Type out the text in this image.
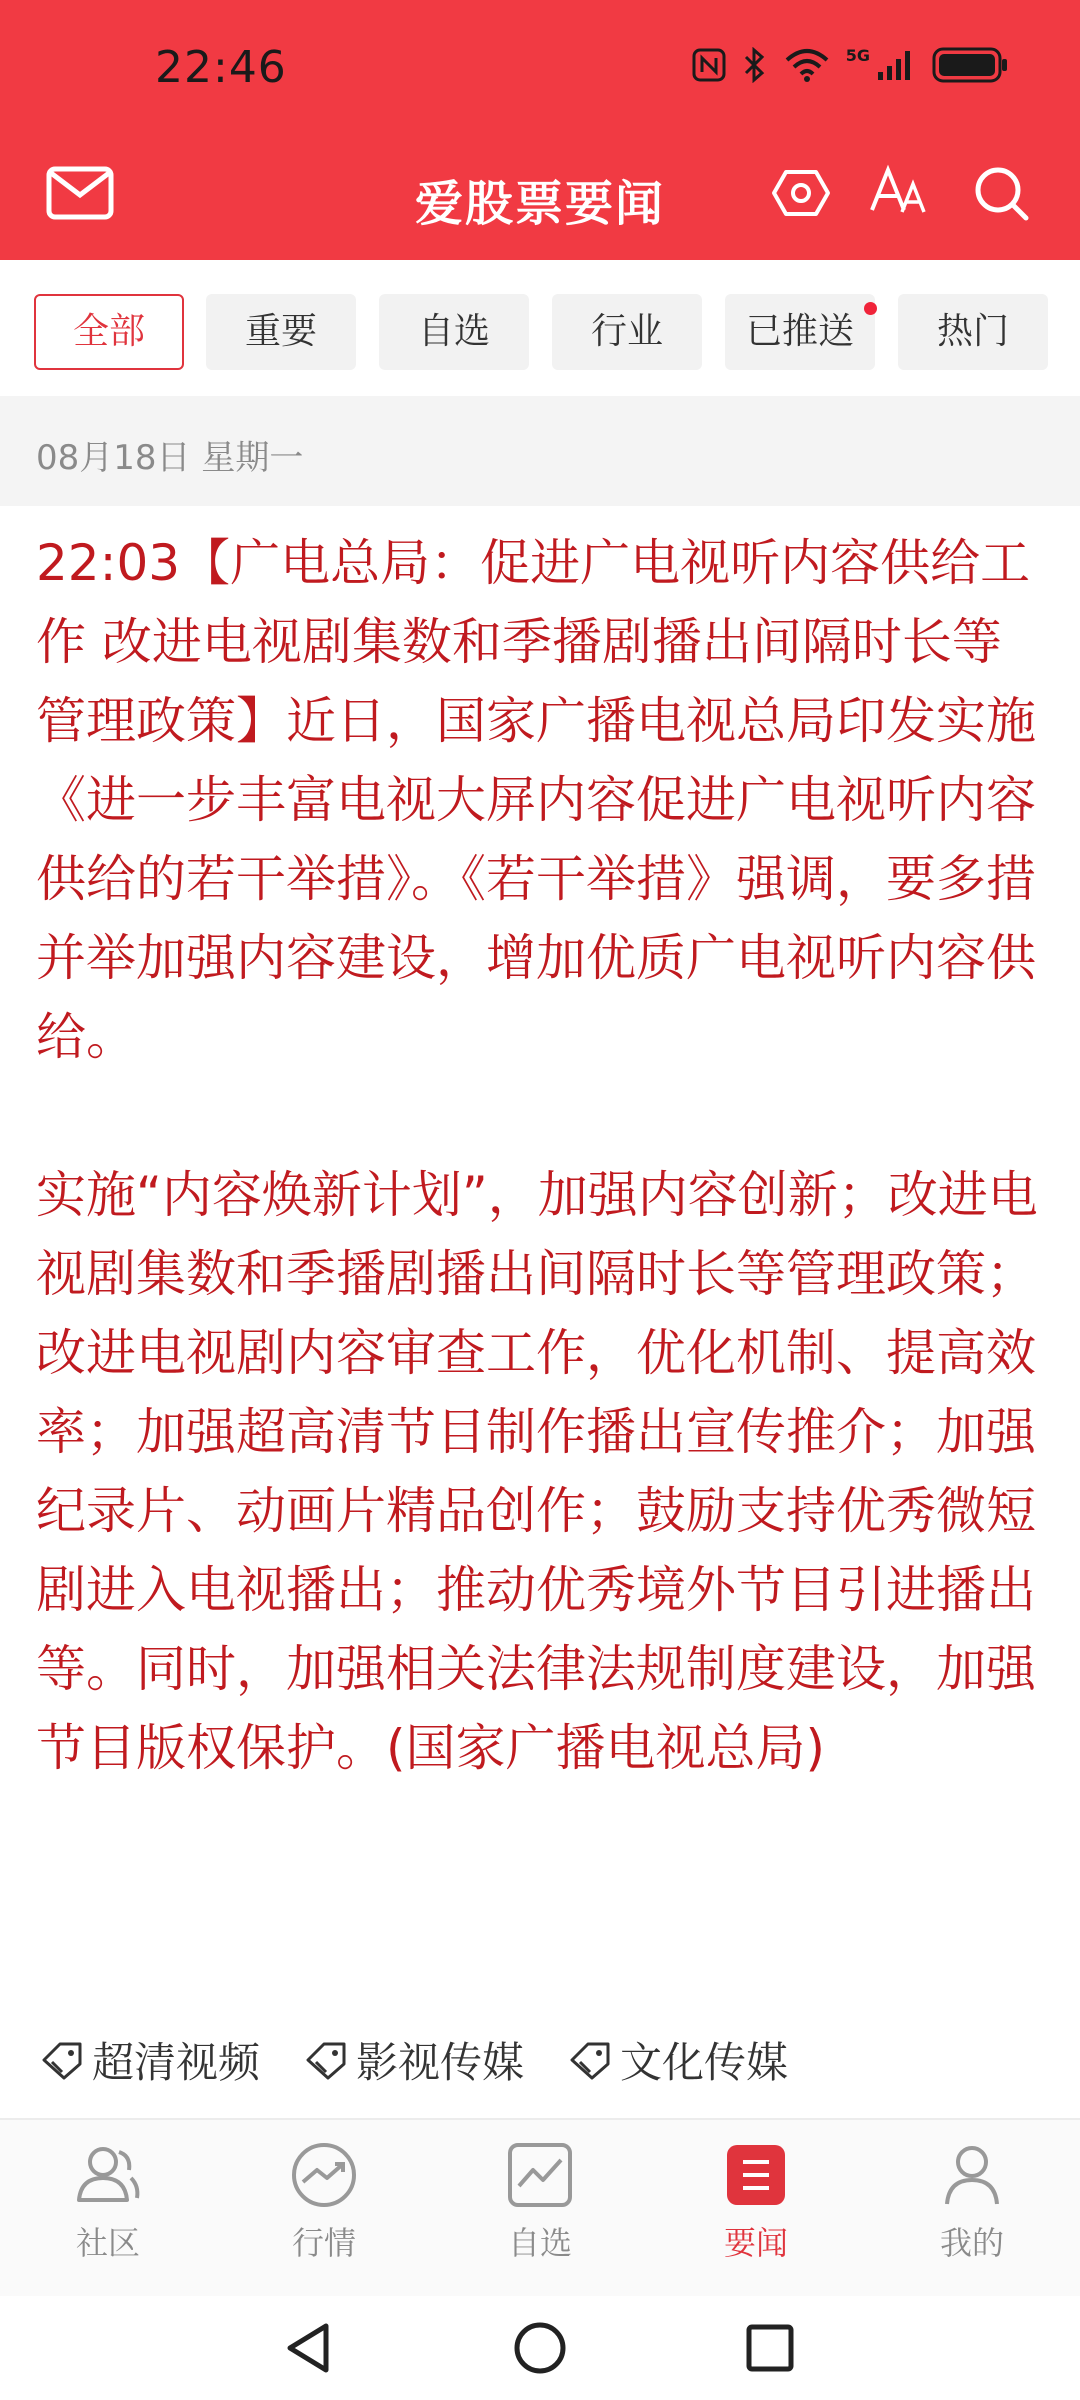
22:46	5G
爱股票要闻
全部	重要	自选	行业	已推送	热门
08月18日 星期一

22:03【广电总局：促进广电视听内容供给工作 改进电视剧集数和季播剧播出间隔时长等管理政策】近日，国家广播电视总局印发实施《进一步丰富电视大屏内容促进广电视听内容供给的若干举措》。《若干举措》强调，要多措并举加强内容建设，增加优质广电视听内容供给。

实施“内容焕新计划”，加强内容创新；改进电视剧集数和季播剧播出间隔时长等管理政策；改进电视剧内容审查工作，优化机制、提高效率；加强超高清节目制作播出宣传推介；加强纪录片、动画片精品创作；鼓励支持优秀微短剧进入电视播出；推动优秀境外节目引进播出等。同时，加强相关法律法规制度建设，加强节目版权保护。(国家广播电视总局)

超清视频 影视传媒 文化传媒
社区	行情	自选	要闻	我的
